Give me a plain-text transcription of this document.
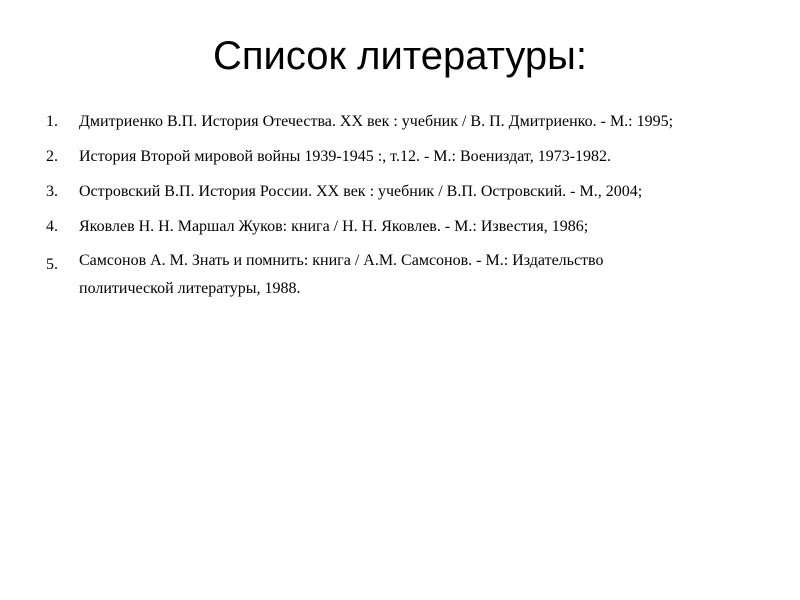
Список литературы:
1. Дмитриенко В.П. История Отечества. XX век : учебник / В. П. Дмитриенко. - М.: 1995;
2. История Второй мировой войны 1939-1945 :, т.12. - М.: Воениздат, 1973-1982.
3. Островский В.П. История России. XX век : учебник / В.П. Островский. - М., 2004;
4. Яковлев Н. Н. Маршал Жуков: книга / Н. Н. Яковлев. - М.: Известия, 1986;
5. Самсонов А. М. Знать и помнить: книга / А.М. Самсонов. - М.: Издательство политической литературы, 1988.
